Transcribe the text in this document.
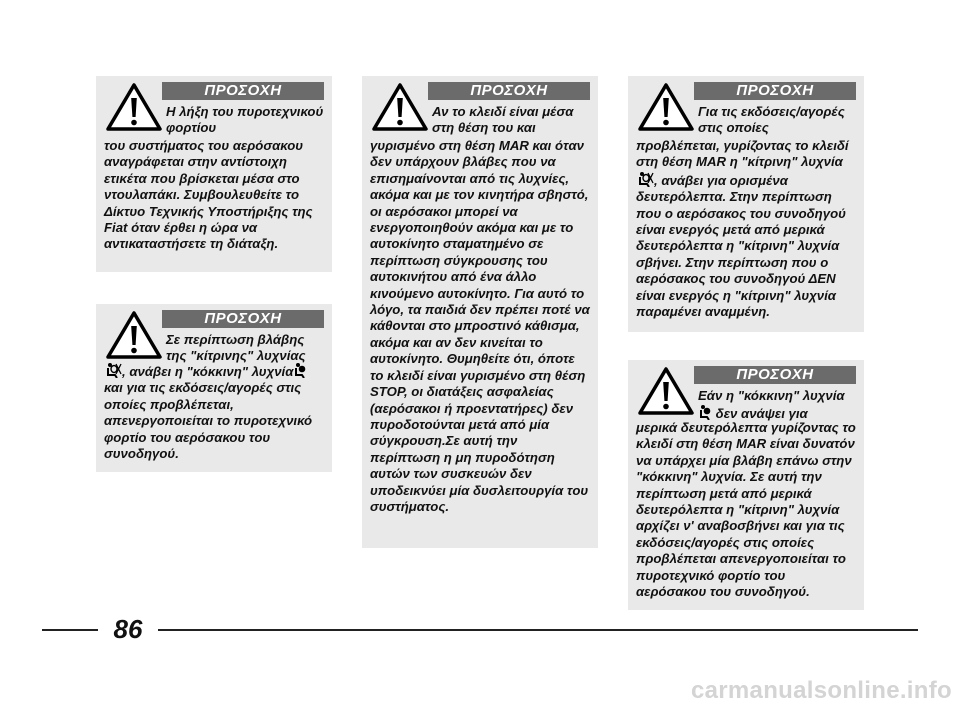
ΠΡΟΣΟΧΗ
Η λήξη του πυροτεχνικού φορτίου
του συστήματος του αερόσακου αναγράφεται στην αντίστοιχη ετικέτα που βρίσκεται μέσα στο ντουλαπάκι. Συμβουλευθείτε το Δίκτυο Τεχνικής Υποστήριξης της Fiat όταν έρθει η ώρα να αντικαταστήσετε τη διάταξη.
ΠΡΟΣΟΧΗ
Σε περίπτωση βλάβης της "κίτρινης" λυχνίας
, ανάβει η "κόκκινη" λυχνία και για τις εκδόσεις/αγορές στις οποίες προβλέπεται, απενεργοποιείται το πυροτεχνικό φορτίο του αερόσακου του συνοδηγού.
ΠΡΟΣΟΧΗ
Αν το κλειδί είναι μέσα στη θέση του και
γυρισμένο στη θέση MAR και όταν δεν υπάρχουν βλάβες που να επισημαίνονται από τις λυχνίες, ακόμα και με τον κινητήρα σβηστό, οι αερόσακοι μπορεί να ενεργοποιηθούν ακόμα και με το αυτοκίνητο σταματημένο σε περίπτωση σύγκρουσης του αυτοκινήτου από ένα άλλο κινούμενο αυτοκίνητο. Για αυτό το λόγο, τα παιδιά δεν πρέπει ποτέ να κάθονται στο μπροστινό κάθισμα, ακόμα και αν δεν κινείται το αυτοκίνητο. Θυμηθείτε ότι, όποτε το κλειδί είναι γυρισμένο στη θέση STOP, οι διατάξεις ασφαλείας (αερόσακοι ή προεντατήρες) δεν πυροδοτούνται μετά από μία σύγκρουση.Σε αυτή την περίπτωση η μη πυροδότηση αυτών των συσκευών δεν υποδεικνύει μία δυσλειτουργία του συστήματος.
ΠΡΟΣΟΧΗ
Για τις εκδόσεις/αγορές στις οποίες
προβλέπεται, γυρίζοντας το κλειδί στη θέση MAR η "κίτρινη" λυχνία, ανάβει για ορισμένα δευτερόλεπτα. Στην περίπτωση που ο αερόσακος του συνοδηγού είναι ενεργός μετά από μερικά δευτερόλεπτα η "κίτρινη" λυχνία σβήνει. Στην περίπτωση που ο αερόσακος του συνοδηγού ΔΕΝ είναι ενεργός η "κίτρινη" λυχνία παραμένει αναμμένη.
ΠΡΟΣΟΧΗ
Εάν η "κόκκινη" λυχνία
δεν ανάψει για
μερικά δευτερόλεπτα γυρίζοντας το κλειδί στη θέση MAR είναι δυνατόν να υπάρχει μία βλάβη επάνω στην "κόκκινη" λυχνία. Σε αυτή την περίπτωση μετά από μερικά δευτερόλεπτα η "κίτρινη" λυχνία αρχίζει ν' αναβοσβήνει και για τις εκδόσεις/αγορές στις οποίες προβλέπεται απενεργοποιείται το πυροτεχνικό φορτίο του αερόσακου του συνοδηγού.
86
carmanualsonline.info
